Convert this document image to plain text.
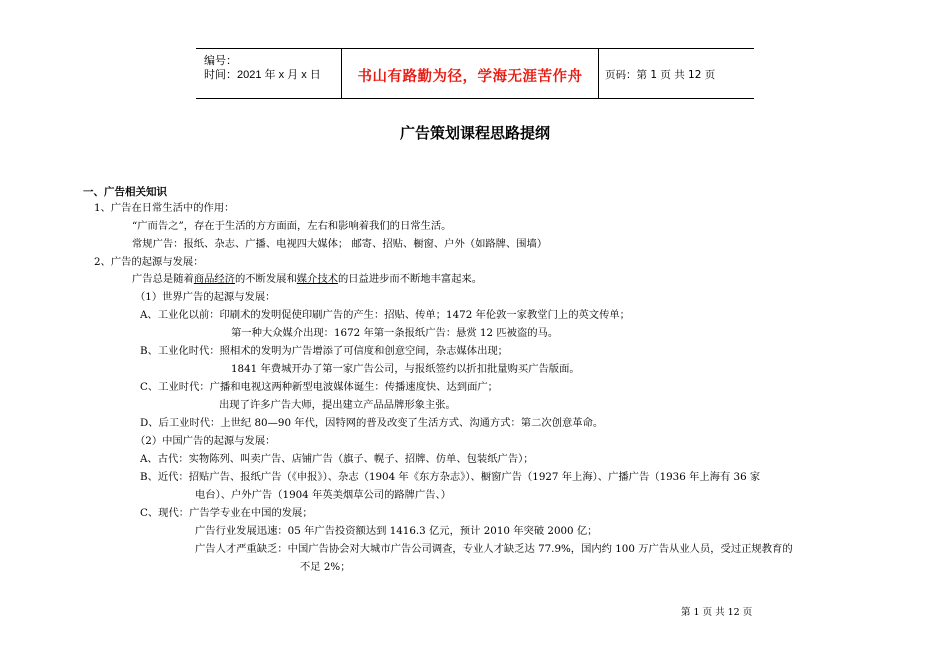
编号：
时间：2021 年 x 月 x 日	书山有路勤为径，学海无涯苦作舟	页码：第 1 页 共 12 页
广告策划课程思路提纲
一、广告相关知识
1、广告在日常生活中的作用：
“广而告之”，存在于生活的方方面面，左右和影响着我们的日常生活。
常规广告：报纸、杂志、广播、电视四大媒体； 邮寄、招贴、橱窗、户外（如路牌、围墙）
2、广告的起源与发展：
广告总是随着商品经济的不断发展和媒介技术的日益进步而不断地丰富起来。
（1）世界广告的起源与发展：
A、工业化以前：印刷术的发明促使印刷广告的产生：招贴、传单；1472 年伦敦一家教堂门上的英文传单；
第一种大众媒介出现：1672 年第一条报纸广告：悬赏 12 匹被盗的马。
B、工业化时代：照相术的发明为广告增添了可信度和创意空间，杂志媒体出现；
1841 年费城开办了第一家广告公司，与报纸签约以折扣批量购买广告版面。
C、工业时代：广播和电视这两种新型电波媒体诞生：传播速度快、达到面广；
出现了许多广告大师，提出建立产品品牌形象主张。
D、后工业时代：上世纪 80—90 年代，因特网的普及改变了生活方式、沟通方式：第二次创意革命。
（2）中国广告的起源与发展：
A、古代：实物陈列、叫卖广告、店铺广告（旗子、幌子、招牌、仿单、包装纸广告）；
B、近代：招贴广告、报纸广告（《申报》）、杂志（1904 年《东方杂志》）、橱窗广告（1927 年上海）、广播广告（1936 年上海有 36 家
电台）、户外广告（1904 年英美烟草公司的路牌广告、）
C、现代：广告学专业在中国的发展；
广告行业发展迅速：05 年广告投资额达到 1416.3 亿元，预计 2010 年突破 2000 亿；
广告人才严重缺乏：中国广告协会对大城市广告公司调查，专业人才缺乏达 77.9%，国内约 100 万广告从业人员，受过正规教育的
不足 2%；
第 1 页 共 12 页
